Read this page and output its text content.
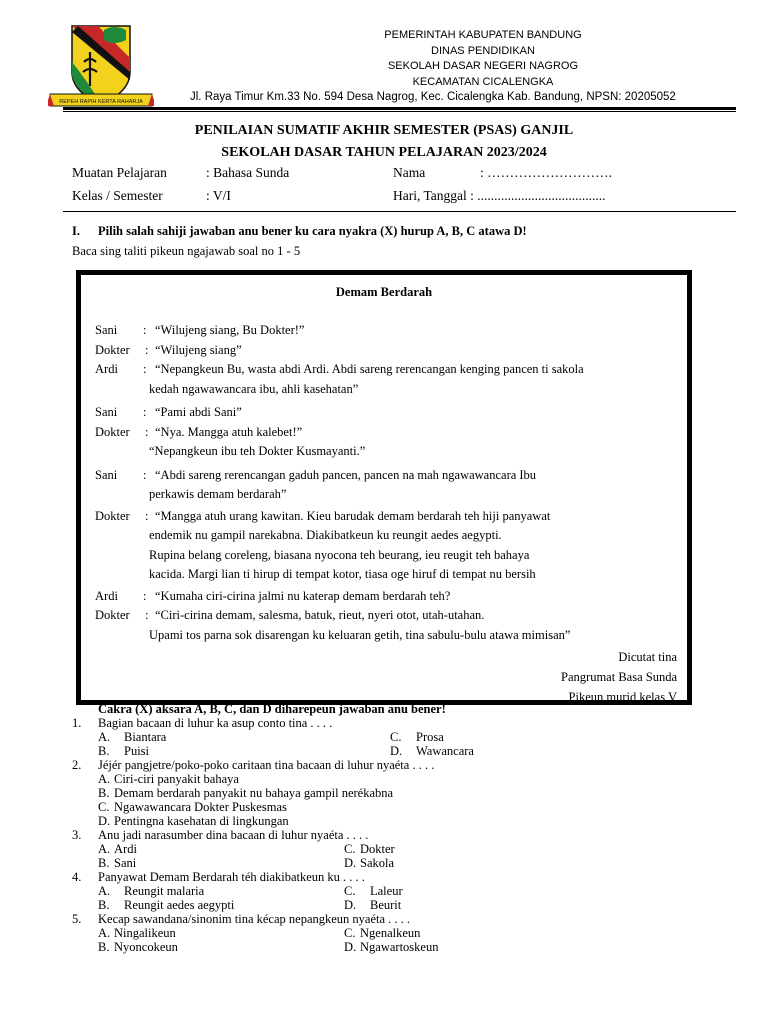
REPEH RAPIH KERTA RAHARJA
PEMERINTAH KABUPATEN BANDUNG
DINAS PENDIDIKAN
SEKOLAH DASAR NEGERI NAGROG
KECAMATAN CICALENGKA
Jl. Raya Timur Km.33 No. 594 Desa Nagrog, Kec. Cicalengka Kab. Bandung, NPSN: 20205052
PENILAIAN SUMATIF AKHIR SEMESTER (PSAS) GANJIL
SEKOLAH DASAR TAHUN PELAJARAN 2023/2024
Muatan Pelajaran	: Bahasa Sunda
Kelas / Semester	: V/I
Nama	: ……………………….
Hari, Tanggal : ......................................
I. Pilih salah sahiji jawaban anu bener ku cara nyakra (X) hurup A, B, C atawa D!
Baca sing taliti pikeun ngajawab soal no 1 - 5
Demam Berdarah
Sani	: “Wilujeng siang, Bu Dokter!”
Dokter	: “Wilujeng siang”
Ardi	: “Nepangkeun Bu, wasta abdi Ardi. Abdi sareng rerencangan kenging pancen ti sakola
kedah ngawawancara ibu, ahli kasehatan”
Sani	: “Pami abdi Sani”
Dokter	: “Nya. Mangga atuh kalebet!”
“Nepangkeun ibu teh Dokter Kusmayanti.”
Sani	: “Abdi sareng rerencangan gaduh pancen, pancen na mah ngawawancara Ibu
perkawis demam berdarah”
Dokter	: “Mangga atuh urang kawitan. Kieu barudak demam berdarah teh hiji panyawat
endemik nu gampil narekabna. Diakibatkeun ku reungit aedes aegypti.
Rupina belang coreleng, biasana nyocona teh beurang, ieu reugit teh bahaya
kacida. Margi lian ti hirup di tempat kotor, tiasa oge hiruf di tempat nu bersih
Ardi	: “Kumaha ciri-cirina jalmi nu katerap demam berdarah teh?
Dokter	: “Ciri-cirina demam, salesma, batuk, rieut, nyeri otot, utah-utahan.
Upami tos parna sok disarengan ku keluaran getih, tina sabulu-bulu atawa mimisan”
Dicutat tina
Pangrumat Basa Sunda
Pikeun murid kelas V
Cakra (X) aksara A, B, C, dan D diharepeun jawaban anu bener!
1. Bagian bacaan di luhur ka asup conto tina . . . .
A. Biantara	C. Prosa
B. Puisi	D. Wawancara
2. Jéjér pangjetre/poko-poko caritaan tina bacaan di luhur nyaéta . . . .
A. Ciri-ciri panyakit bahaya
B. Demam berdarah panyakit nu bahaya gampil nerékabna
C. Ngawawancara Dokter Puskesmas
D. Pentingna kasehatan di lingkungan
3. Anu jadi narasumber dina bacaan di luhur nyaéta . . . .
A. Ardi	C. Dokter
B. Sani	D. Sakola
4. Panyawat Demam Berdarah téh diakibatkeun ku . . . .
A. Reungit malaria	C. Laleur
B. Reungit aedes aegypti	D. Beurit
5. Kecap sawandana/sinonim tina kécap nepangkeun nyaéta . . . .
A. Ningalikeun	C. Ngenalkeun
B. Nyoncokeun	D. Ngawartoskeun
